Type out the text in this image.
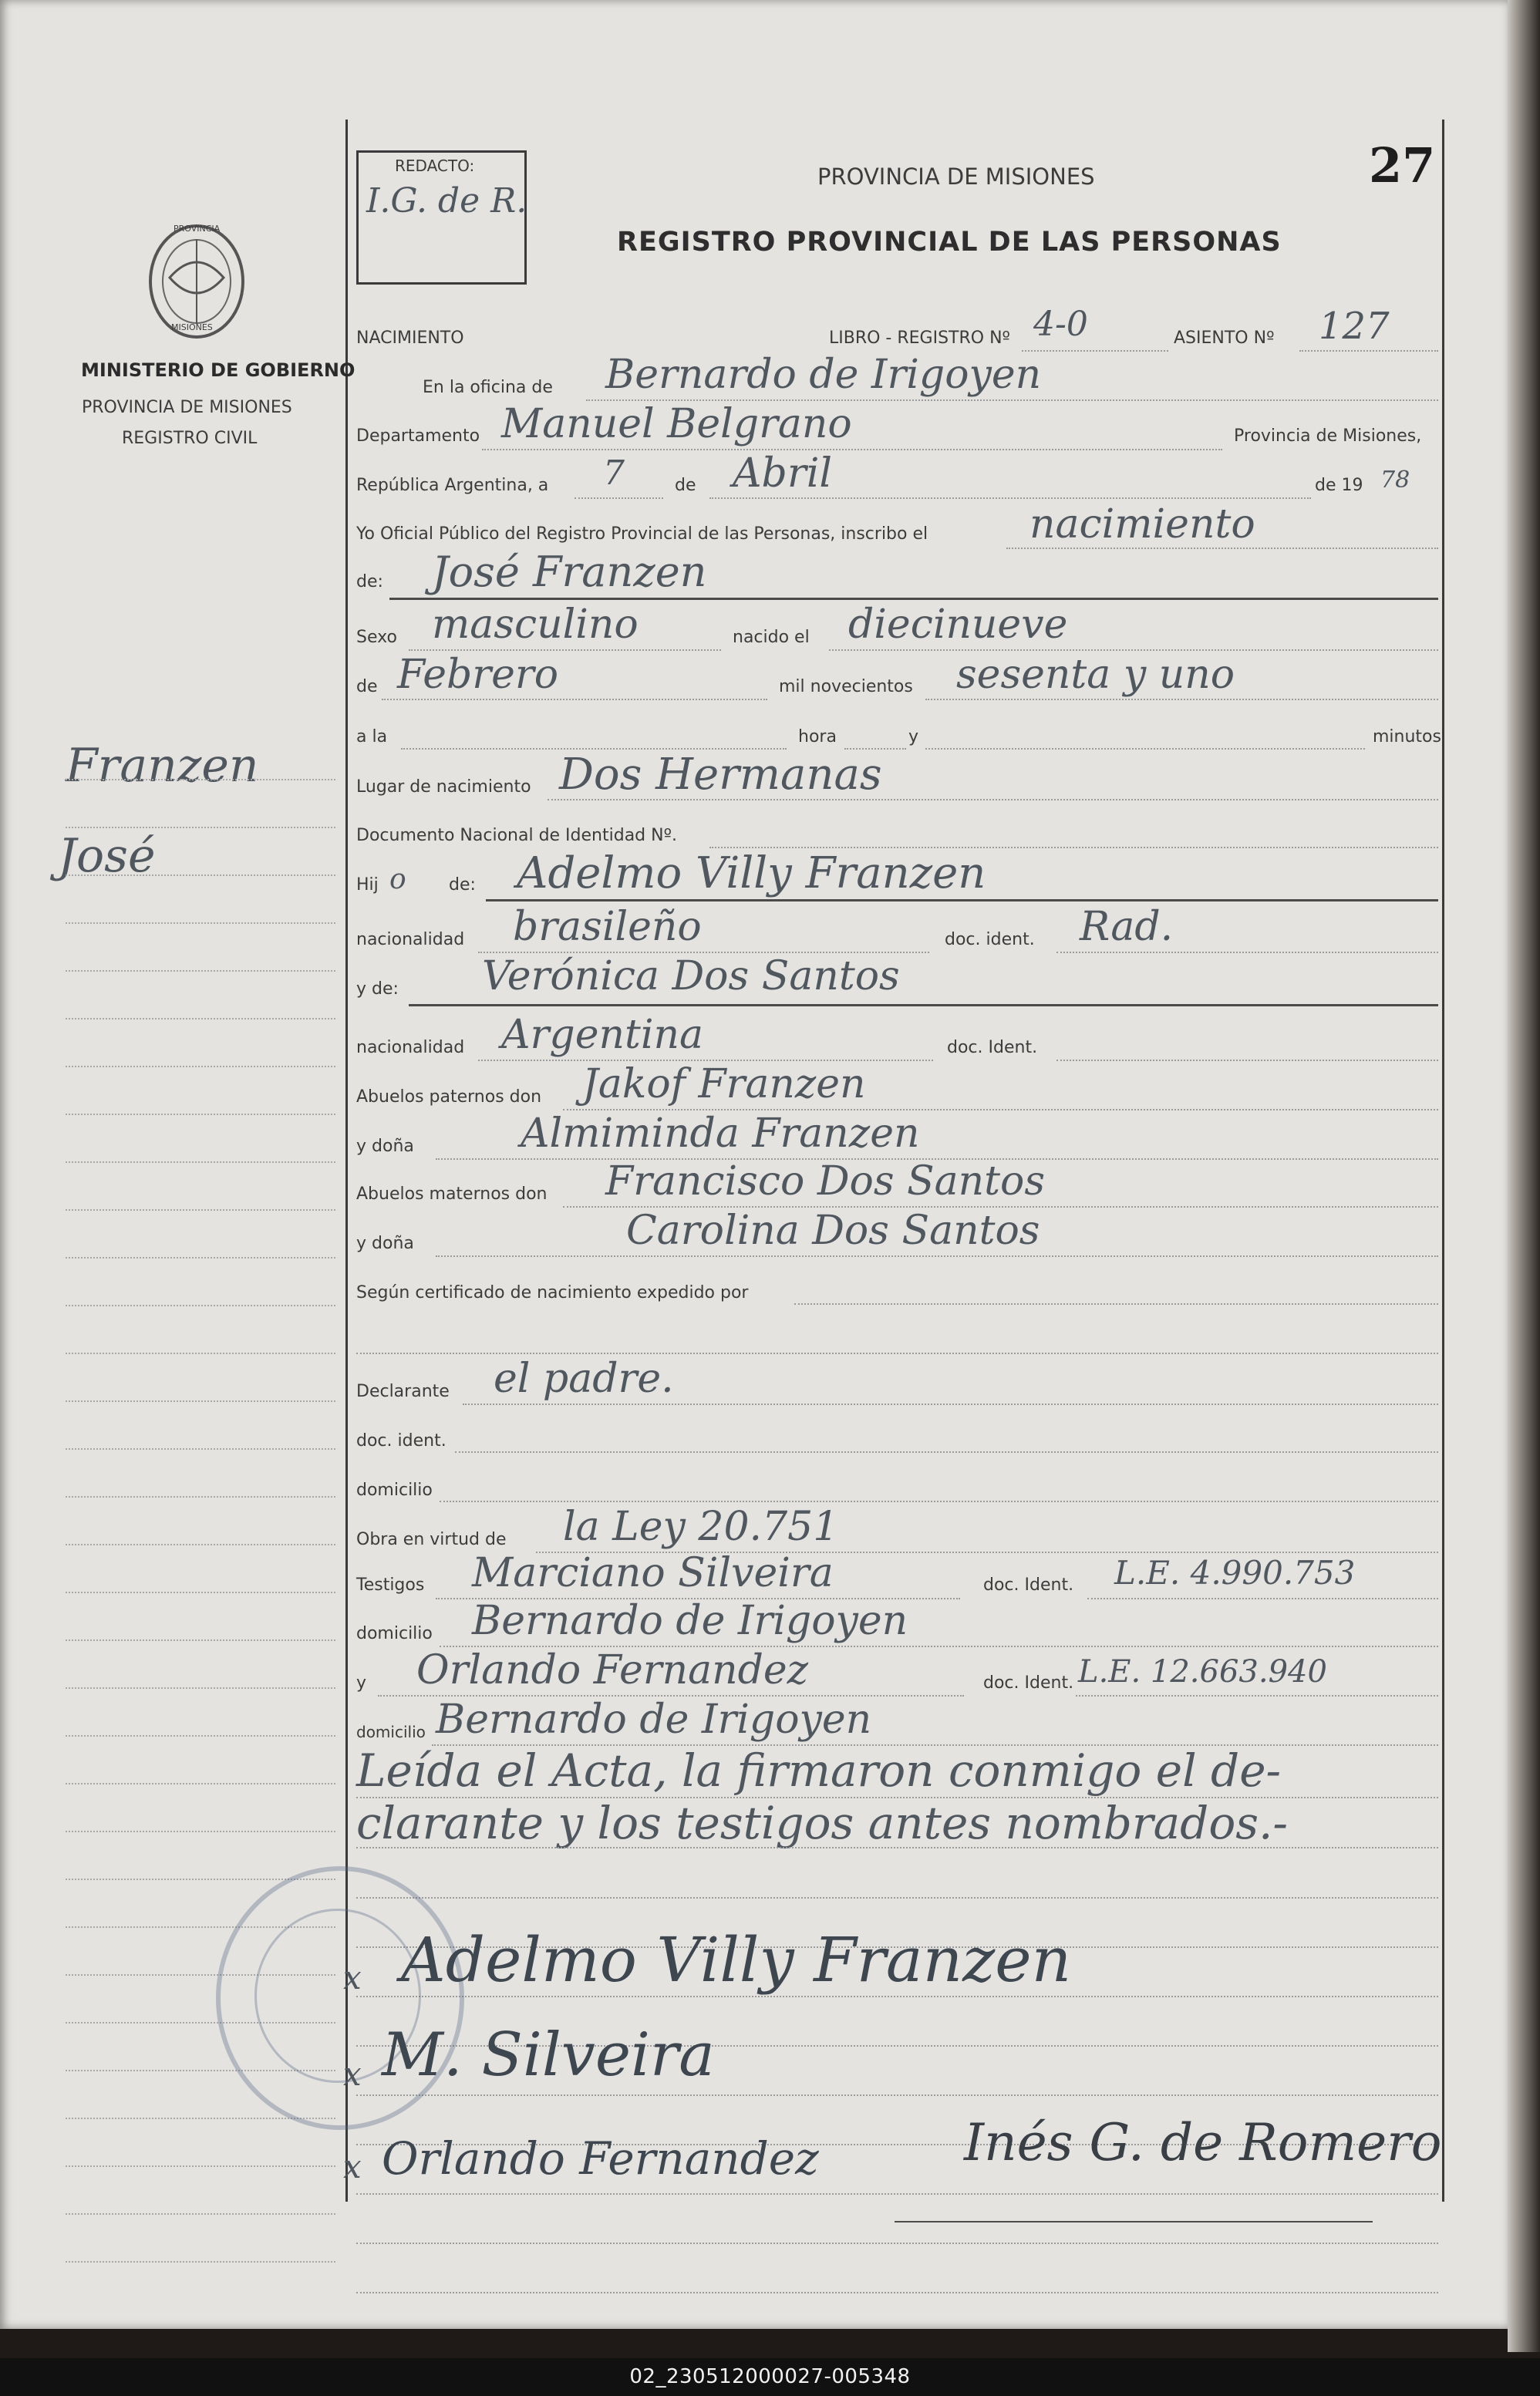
PROVINCIA
MISIONES
MINISTERIO DE GOBIERNO
PROVINCIA DE MISIONES
REGISTRO CIVIL
REDACTO:
I.G. de R.
PROVINCIA DE MISIONES
REGISTRO PROVINCIAL DE LAS PERSONAS
27
Franzen
José
NACIMIENTO	LIBRO - REGISTRO Nº 4-0	ASIENTO Nº 127
En la oficina de Bernardo de Irigoyen
Departamento Manuel Belgrano	Provincia de Misiones,
República Argentina, a 7	de Abril	de 19 78
Yo Oficial Público del Registro Provincial de las Personas, inscribo el	nacimiento
de: José Franzen
Sexo masculino	nacido el diecinueve
de Febrero	mil novecientos sesenta y uno
a la	hora	y	minutos
Lugar de nacimiento Dos Hermanas
Documento Nacional de Identidad Nº.
Hij o	de: Adelmo Villy Franzen
nacionalidad brasileño	doc. ident. Rad.
y de: Verónica Dos Santos
nacionalidad Argentina	doc. Ident.
Abuelos paternos don Jakof Franzen
y doña	Almiminda Franzen
Abuelos maternos don Francisco Dos Santos
y doña	Carolina Dos Santos
Según certificado de nacimiento expedido por
Declarante el padre.
doc. ident.
domicilio
Obra en virtud de la Ley 20.751
Testigos Marciano Silveira	doc. Ident. L.E. 4.990.753
domicilio Bernardo de Irigoyen
y Orlando Fernandez	doc. Ident. L.E. 12.663.940
domicilio Bernardo de Irigoyen
Leída el Acta, la firmaron conmigo el de-
clarante y los testigos antes nombrados.-
x Adelmo Villy Franzen
x M. Silveira
x Orlando Fernandez	Inés G. de Romero
02_230512000027-005348
